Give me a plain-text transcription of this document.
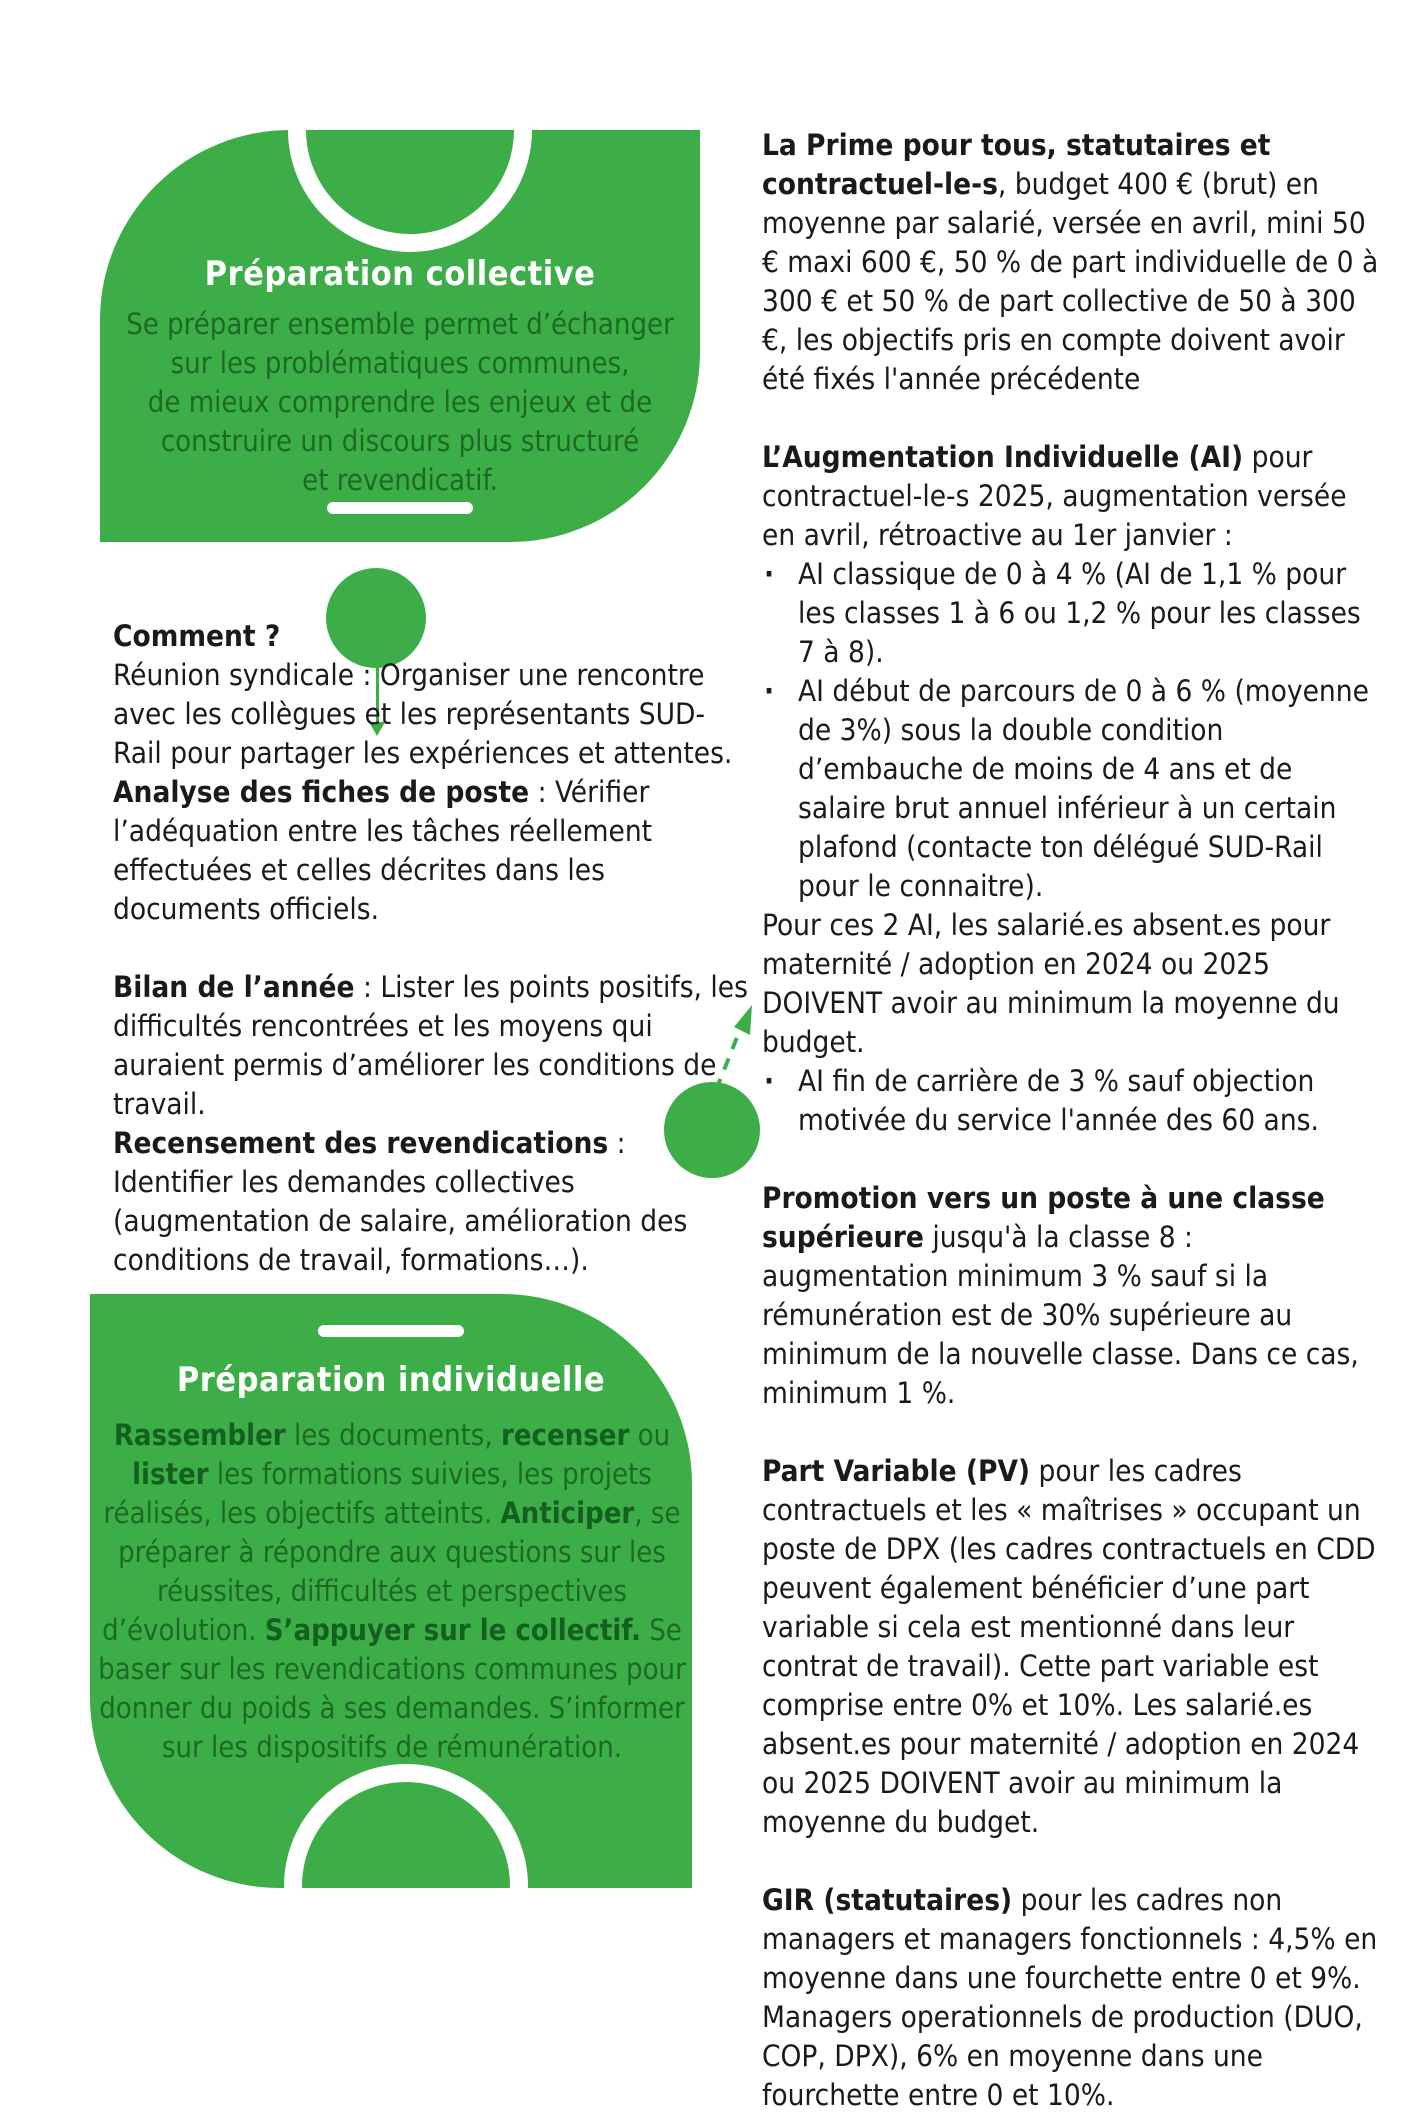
Préparation collective
Se préparer ensemble permet d’échanger
sur les problématiques communes,
de mieux comprendre les enjeux et de
construire un discours plus structuré
et revendicatif.

Comment ?

Réunion syndicale : Organiser une rencontre avec les collègues et les représentants SUD-Rail pour partager les expériences et attentes.

Analyse des fiches de poste : Vérifier l’adéquation entre les tâches réellement effectuées et celles décrites dans les documents officiels.

Bilan de l’année : Lister les points positifs, les difficultés rencontrées et les moyens qui auraient permis d’améliorer les conditions de travail.

Recensement des revendications : Identifier les demandes collectives (augmentation de salaire, amélioration des conditions de travail, formations…).

Préparation individuelle
Rassembler les documents, recenser ou lister les formations suivies, les projets réalisés, les objectifs atteints. Anticiper, se préparer à répondre aux questions sur les réussites, difficultés et perspectives d’évolution. S’appuyer sur le collectif. Se baser sur les revendications communes pour donner du poids à ses demandes. S’informer sur les dispositifs de rémunération.

La Prime pour tous, statutaires et contractuel-le-s, budget 400 € (brut) en moyenne par salarié, versée en avril, mini 50 € maxi 600 €, 50 % de part individuelle de 0 à 300 € et 50 % de part collective de 50 à 300 €, les objectifs pris en compte doivent avoir été fixés l'année précédente

L’Augmentation Individuelle (AI) pour contractuel-le-s 2025, augmentation versée en avril, rétroactive au 1er janvier :

· AI classique de 0 à 4 % (AI de 1,1 % pour les classes 1 à 6 ou 1,2 % pour les classes 7 à 8).
· AI début de parcours de 0 à 6 % (moyenne de 3%) sous la double condition d’embauche de moins de 4 ans et de salaire brut annuel inférieur à un certain plafond (contacte ton délégué SUD-Rail pour le connaitre).

Pour ces 2 AI, les salarié.es absent.es pour maternité / adoption en 2024 ou 2025 DOIVENT avoir au minimum la moyenne du budget.

· AI fin de carrière de 3 % sauf objection motivée du service l'année des 60 ans.

Promotion vers un poste à une classe supérieure jusqu'à la classe 8 : augmentation minimum 3 % sauf si la rémunération est de 30% supérieure au minimum de la nouvelle classe. Dans ce cas, minimum 1 %.

Part Variable (PV) pour les cadres contractuels et les « maîtrises » occupant un poste de DPX (les cadres contractuels en CDD peuvent également bénéficier d’une part variable si cela est mentionné dans leur contrat de travail). Cette part variable est comprise entre 0% et 10%. Les salarié.es absent.es pour maternité / adoption en 2024 ou 2025 DOIVENT avoir au minimum la moyenne du budget.

GIR (statutaires) pour les cadres non managers et managers fonctionnels : 4,5% en moyenne dans une fourchette entre 0 et 9%. Managers operationnels de production (DUO, COP, DPX), 6% en moyenne dans une fourchette entre 0 et 10%.
